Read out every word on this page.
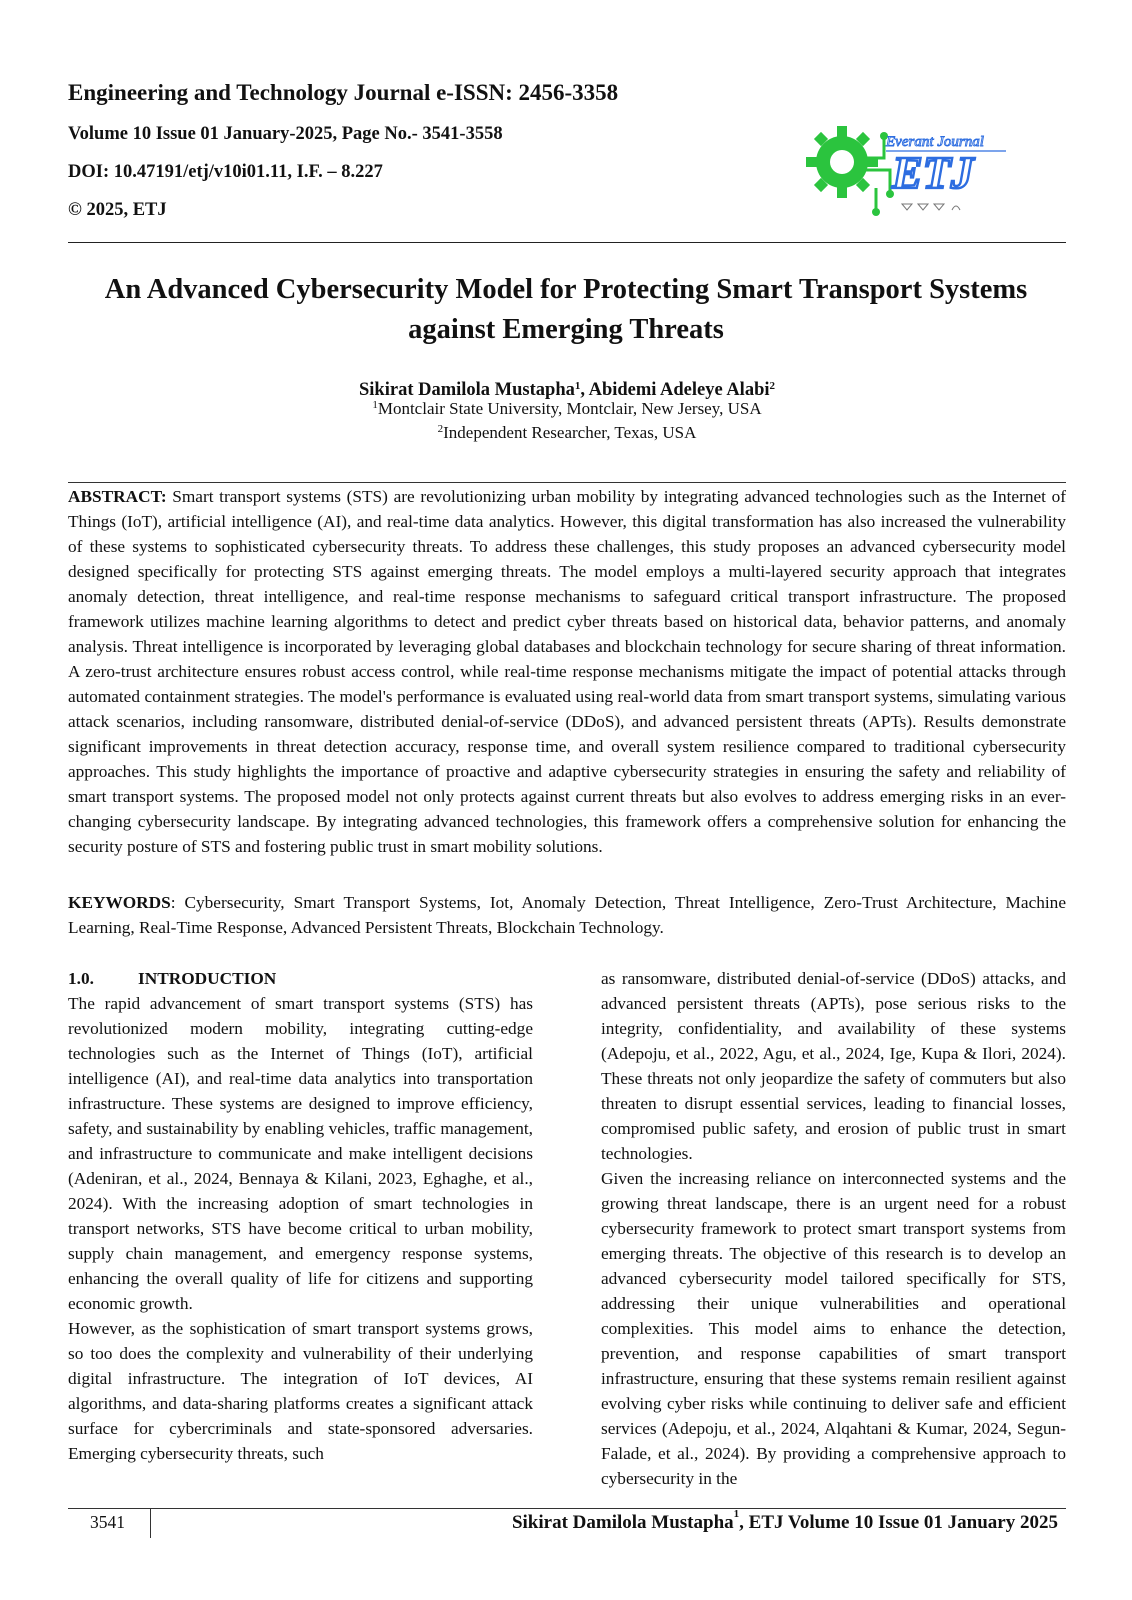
Engineering and Technology Journal e-ISSN: 2456-3358

Volume 10 Issue 01 January-2025, Page No.- 3541-3558

DOI: 10.47191/etj/v10i01.11, I.F. – 8.227

© 2025, ETJ

ETJ
Everant Journal
An Advanced Cybersecurity Model for Protecting Smart Transport Systems against Emerging Threats
Sikirat Damilola Mustapha$^1$, Abidemi Adeleye Alabi$^2$
$^1$Montclair State University, Montclair, New Jersey, USA
$^2$Independent Researcher, Texas, USA

ABSTRACT: Smart transport systems (STS) are revolutionizing urban mobility by integrating advanced technologies such as the Internet of Things (IoT), artificial intelligence (AI), and real-time data analytics. However, this digital transformation has also increased the vulnerability of these systems to sophisticated cybersecurity threats. To address these challenges, this study proposes an advanced cybersecurity model designed specifically for protecting STS against emerging threats. The model employs a multi-layered security approach that integrates anomaly detection, threat intelligence, and real-time response mechanisms to safeguard critical transport infrastructure. The proposed framework utilizes machine learning algorithms to detect and predict cyber threats based on historical data, behavior patterns, and anomaly analysis. Threat intelligence is incorporated by leveraging global databases and blockchain technology for secure sharing of threat information. A zero-trust architecture ensures robust access control, while real-time response mechanisms mitigate the impact of potential attacks through automated containment strategies. The model's performance is evaluated using real-world data from smart transport systems, simulating various attack scenarios, including ransomware, distributed denial-of-service (DDoS), and advanced persistent threats (APTs). Results demonstrate significant improvements in threat detection accuracy, response time, and overall system resilience compared to traditional cybersecurity approaches. This study highlights the importance of proactive and adaptive cybersecurity strategies in ensuring the safety and reliability of smart transport systems. The proposed model not only protects against current threats but also evolves to address emerging risks in an ever-changing cybersecurity landscape. By integrating advanced technologies, this framework offers a comprehensive solution for enhancing the security posture of STS and fostering public trust in smart mobility solutions.

KEYWORDS: Cybersecurity, Smart Transport Systems, Iot, Anomaly Detection, Threat Intelligence, Zero-Trust Architecture, Machine Learning, Real-Time Response, Advanced Persistent Threats, Blockchain Technology.

1.0.	INTRODUCTION

The rapid advancement of smart transport systems (STS) has revolutionized modern mobility, integrating cutting-edge technologies such as the Internet of Things (IoT), artificial intelligence (AI), and real-time data analytics into transportation infrastructure. These systems are designed to improve efficiency, safety, and sustainability by enabling vehicles, traffic management, and infrastructure to communicate and make intelligent decisions (Adeniran, et al., 2024, Bennaya & Kilani, 2023, Eghaghe, et al., 2024). With the increasing adoption of smart technologies in transport networks, STS have become critical to urban mobility, supply chain management, and emergency response systems, enhancing the overall quality of life for citizens and supporting economic growth.

However, as the sophistication of smart transport systems grows, so too does the complexity and vulnerability of their underlying digital infrastructure. The integration of IoT devices, AI algorithms, and data-sharing platforms creates a significant attack surface for cybercriminals and state-sponsored adversaries. Emerging cybersecurity threats, such

as ransomware, distributed denial-of-service (DDoS) attacks, and advanced persistent threats (APTs), pose serious risks to the integrity, confidentiality, and availability of these systems (Adepoju, et al., 2022, Agu, et al., 2024, Ige, Kupa & Ilori, 2024). These threats not only jeopardize the safety of commuters but also threaten to disrupt essential services, leading to financial losses, compromised public safety, and erosion of public trust in smart technologies.

Given the increasing reliance on interconnected systems and the growing threat landscape, there is an urgent need for a robust cybersecurity framework to protect smart transport systems from emerging threats. The objective of this research is to develop an advanced cybersecurity model tailored specifically for STS, addressing their unique vulnerabilities and operational complexities. This model aims to enhance the detection, prevention, and response capabilities of smart transport infrastructure, ensuring that these systems remain resilient against evolving cyber risks while continuing to deliver safe and efficient services (Adepoju, et al., 2024, Alqahtani & Kumar, 2024, Segun-Falade, et al., 2024). By providing a comprehensive approach to cybersecurity in the

3541	Sikirat Damilola Mustapha$^1$, ETJ Volume 10 Issue 01 January 2025
